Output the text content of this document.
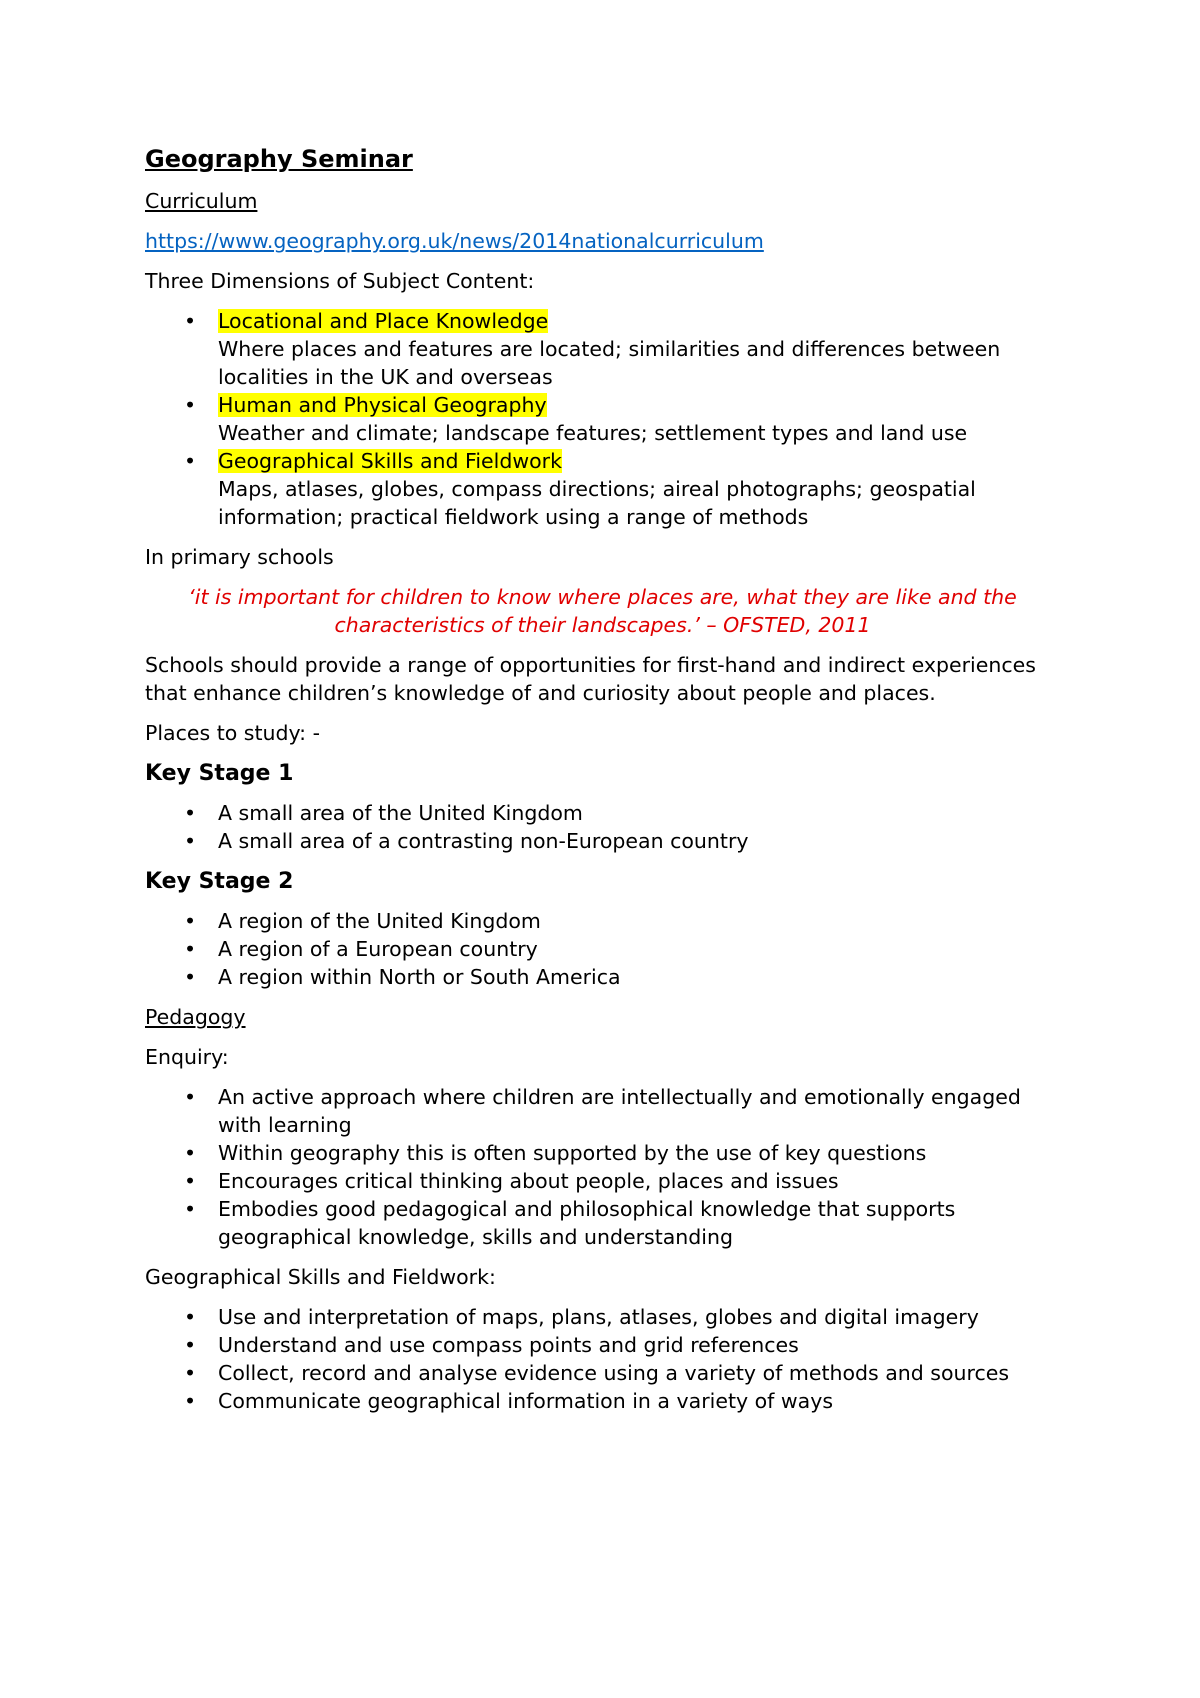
Geography Seminar
Curriculum
https://www.geography.org.uk/news/2014nationalcurriculum
Three Dimensions of Subject Content:
• Locational and Place Knowledge
Where places and features are located; similarities and differences between localities in the UK and overseas
• Human and Physical Geography
Weather and climate; landscape features; settlement types and land use
• Geographical Skills and Fieldwork
Maps, atlases, globes, compass directions; aireal photographs; geospatial information; practical fieldwork using a range of methods
In primary schools
‘it is important for children to know where places are, what they are like and the characteristics of their landscapes.’ – OFSTED, 2011
Schools should provide a range of opportunities for first-hand and indirect experiences that enhance children’s knowledge of and curiosity about people and places.
Places to study: -
Key Stage 1
• A small area of the United Kingdom
• A small area of a contrasting non-European country
Key Stage 2
• A region of the United Kingdom
• A region of a European country
• A region within North or South America
Pedagogy
Enquiry:
• An active approach where children are intellectually and emotionally engaged with learning
• Within geography this is often supported by the use of key questions
• Encourages critical thinking about people, places and issues
• Embodies good pedagogical and philosophical knowledge that supports geographical knowledge, skills and understanding
Geographical Skills and Fieldwork:
• Use and interpretation of maps, plans, atlases, globes and digital imagery
• Understand and use compass points and grid references
• Collect, record and analyse evidence using a variety of methods and sources
• Communicate geographical information in a variety of ways
